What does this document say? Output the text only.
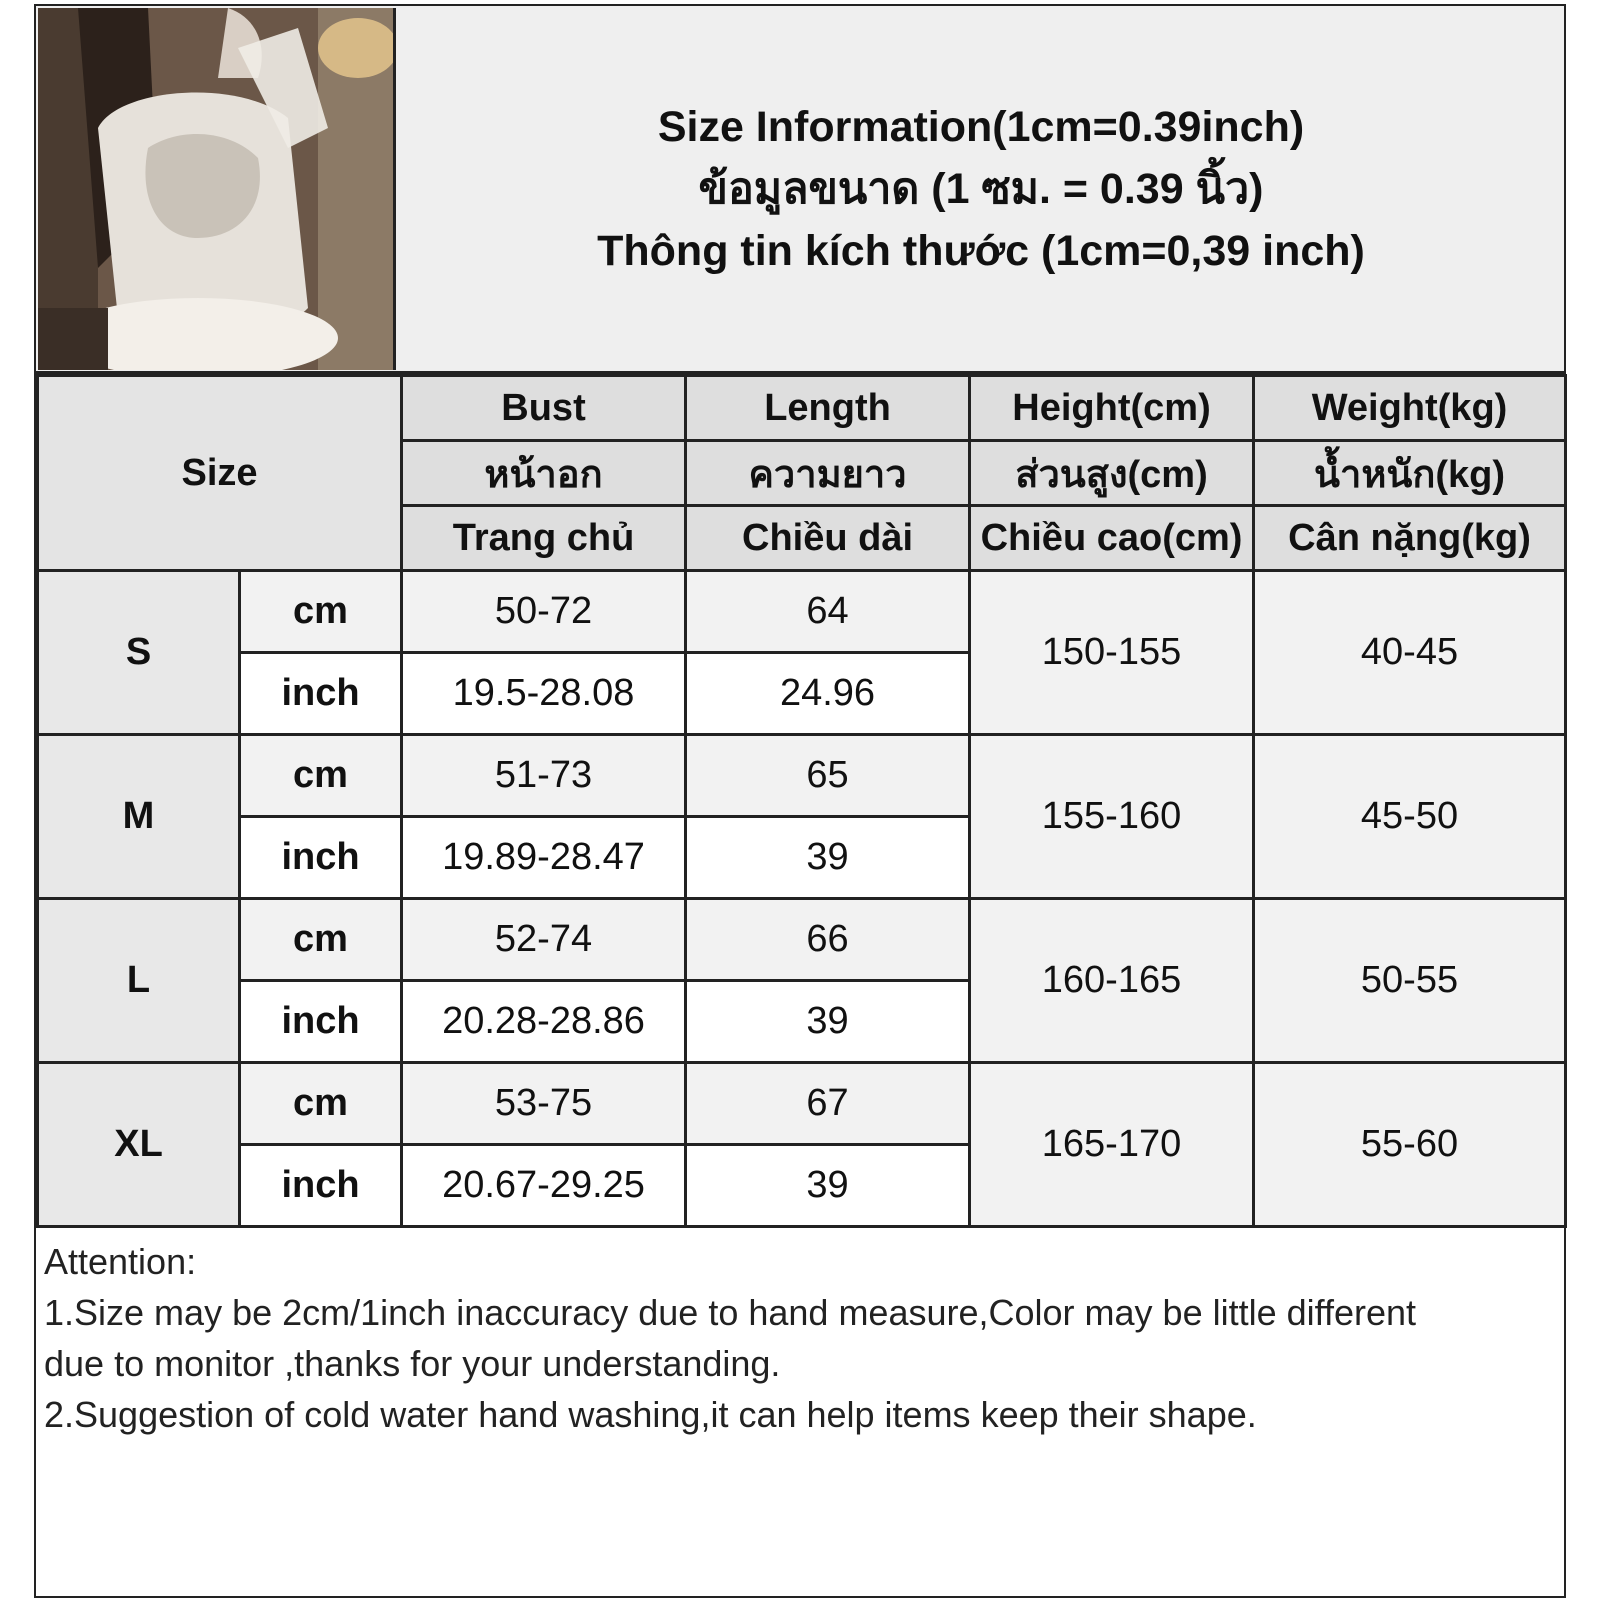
Size Information(1cm=0.39inch)
ข้อมูลขนาด (1 ซม. = 0.39 นิ้ว)
Thông tin kích thước (1cm=0,39 inch)
Size		Bust	Length	Height(cm)	Weight(kg)
		หน้าอก	ความยาว	ส่วนสูง(cm)	น้ำหนัก(kg)
		Trang chủ	Chiều dài	Chiều cao(cm)	Cân nặng(kg)
S	cm	50-72	64	150-155	40-45
	inch	19.5-28.08	24.96		
M	cm	51-73	65	155-160	45-50
	inch	19.89-28.47	39		
L	cm	52-74	66	160-165	50-55
	inch	20.28-28.86	39		
XL	cm	53-75	67	165-170	55-60
	inch	20.67-29.25	39		

Attention:

1.Size may be 2cm/1inch inaccuracy due to hand measure,Color may be little different

due to monitor ,thanks for your understanding.

2.Suggestion of cold water hand washing,it can help items keep their shape.
